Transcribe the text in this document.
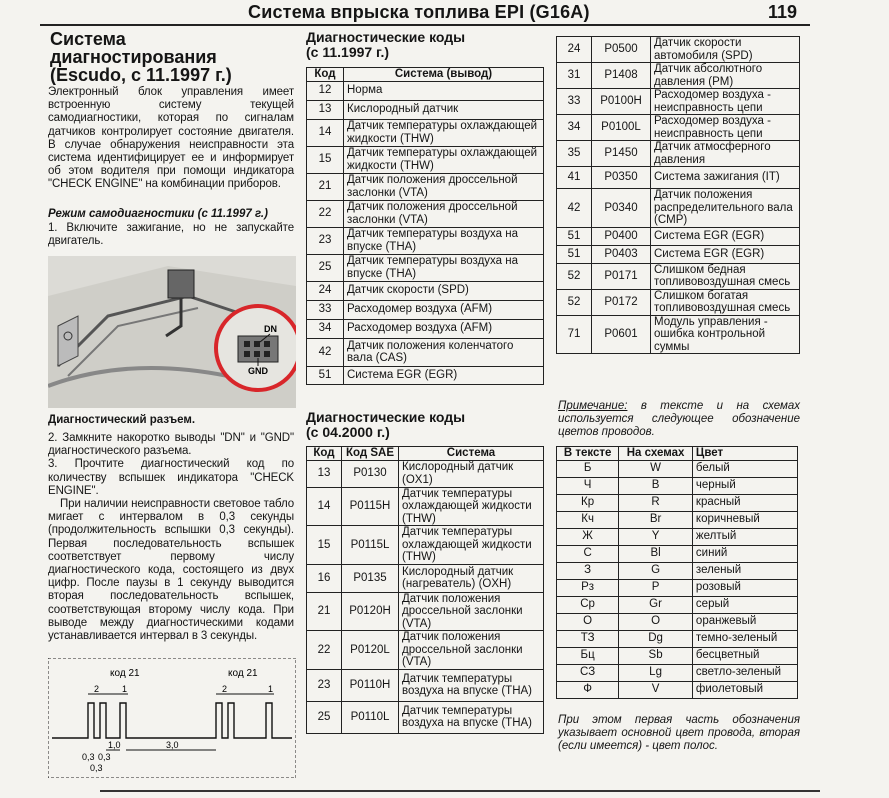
Система впрыска топлива EPI (G16A)	119
Система
диагностирования
(Escudo, с 11.1997 г.)
Электронный блок управления имеет встроенную систему текущей самодиагностики, которая по сигналам датчиков контролирует состояние двигателя. В случае обнаружения неисправности эта система идентифицирует ее и информирует об этом водителя при помощи индикатора "CHECK ENGINE" на комбинации приборов.
Режим самодиагностики (с 11.1997 г.)
1. Включите зажигание, но не запускайте двигатель.
DN
GND
Диагностический разъем.
2. Замкните накоротко выводы "DN" и "GND" диагностического разъема.
3. Прочтите диагностический код по количеству вспышек индикатора "CHECK ENGINE".
При наличии неисправности световое табло мигает с интервалом в 0,3 секунды (продолжительность вспышки 0,3 секунды). Первая последовательность вспышек соответствует первому числу диагностического кода, состоящего из двух цифр. После паузы в 1 секунду выводится вторая последовательность вспышек, соответствующая второму числу кода. При выводе между диагностическими кодами устанавливается интервал в 3 секунды.
код 21	код 21
2	1	2	1
1,0	3,0
0,3 0,3
0,3
Диагностические коды
(с 11.1997 г.)
Код	Система (вывод)
12	Норма
13	Кислородный датчик
14	Датчик температуры охлаждающей жидкости (THW)
15	Датчик температуры охлаждающей жидкости (THW)
21	Датчик положения дроссельной заслонки (VTA)
22	Датчик положения дроссельной заслонки (VTA)
23	Датчик температуры воздуха на впуске (THA)
25	Датчик температуры воздуха на впуске (THA)
24	Датчик скорости (SPD)
33	Расходомер воздуха (AFM)
34	Расходомер воздуха (AFM)
42	Датчик положения коленчатого вала (CAS)
51	Система EGR (EGR)
Диагностические коды
(с 04.2000 г.)
Код	Код SAE	Система
13	P0130	Кислородный датчик (OX1)
14	P0115H	Датчик температуры охлаждающей жидкости (THW)
15	P0115L	Датчик температуры охлаждающей жидкости (THW)
16	P0135	Кислородный датчик (нагреватель) (OXH)
21	P0120H	Датчик положения дроссельной заслонки (VTA)
22	P0120L	Датчик положения дроссельной заслонки (VTA)
23	P0110H	Датчик температуры воздуха на впуске (THA)
25	P0110L	Датчик температуры воздуха на впуске (THA)
24	P0500	Датчик скорости автомобиля (SPD)
31	P1408	Датчик абсолютного давления (PM)
33	P0100H	Расходомер воздуха - неисправность цепи
34	P0100L	Расходомер воздуха - неисправность цепи
35	P1450	Датчик атмосферного давления
41	P0350	Система зажигания (IT)
42	P0340	Датчик положения распределительного вала (CMP)
51	P0400	Система EGR (EGR)
51	P0403	Система EGR (EGR)
52	P0171	Слишком бедная топливовоздушная смесь
52	P0172	Слишком богатая топливовоздушная смесь
71	P0601	Модуль управления - ошибка контрольной суммы
Примечание: в тексте и на схемах используется следующее обозначение цветов проводов.
В тексте	На схемах	Цвет
Б	W	белый
Ч	B	черный
Кр	R	красный
Кч	Br	коричневый
Ж	Y	желтый
С	Bl	синий
З	G	зеленый
Рз	P	розовый
Ср	Gr	серый
О	O	оранжевый
ТЗ	Dg	темно-зеленый
Бц	Sb	бесцветный
СЗ	Lg	светло-зеленый
Ф	V	фиолетовый
При этом первая часть обозначения указывает основной цвет провода, вторая (если имеется) - цвет полос.
